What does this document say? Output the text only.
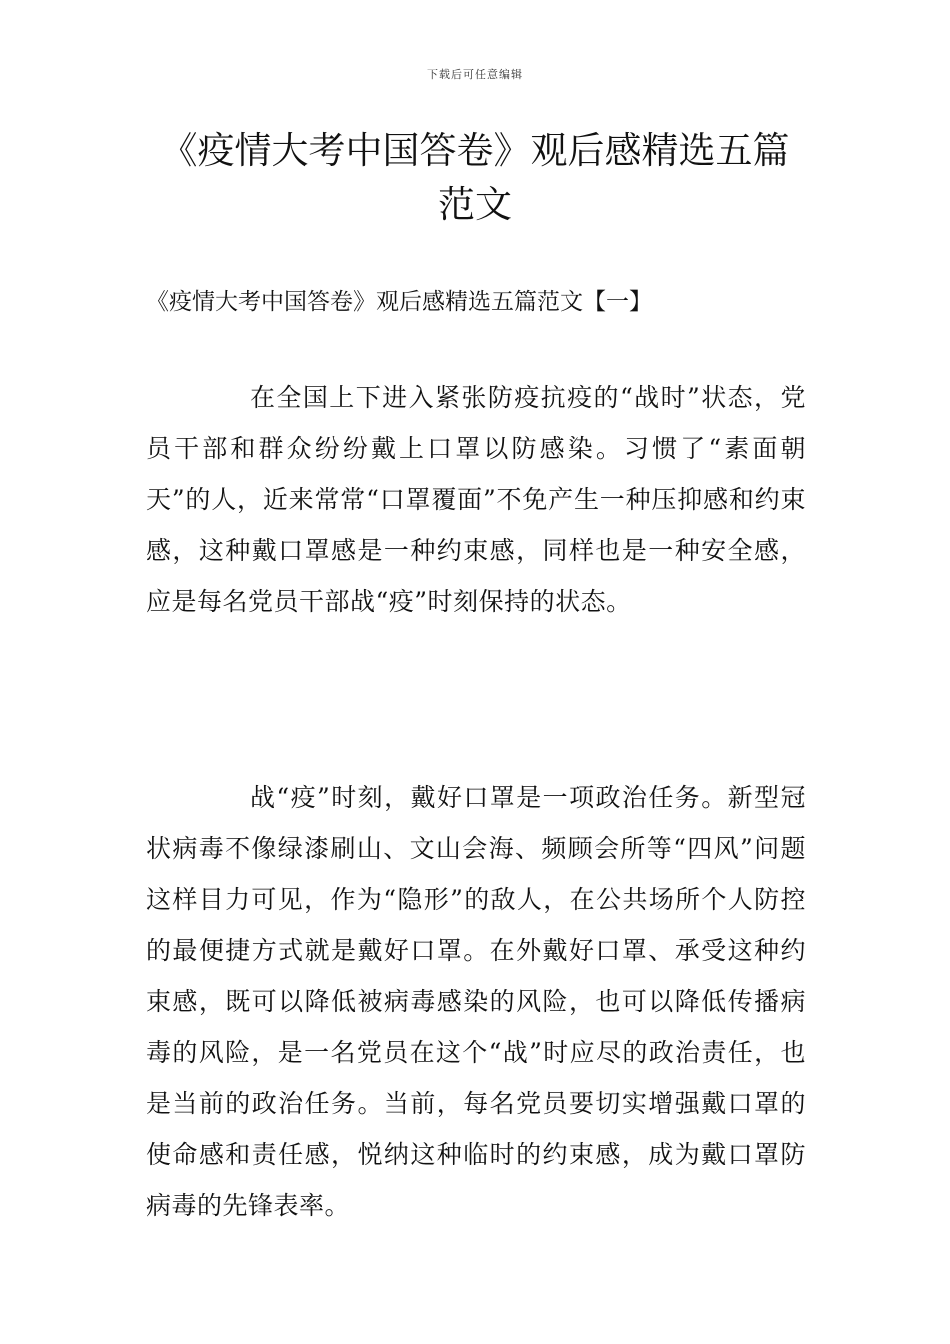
下载后可任意编辑
《疫情大考中国答卷》观后感精选五篇范文
《疫情大考中国答卷》观后感精选五篇范文【一】

在全国上下进入紧张防疫抗疫的“战时”状态，党员干部和群众纷纷戴上口罩以防感染。习惯了“素面朝天”的人，近来常常“口罩覆面”不免产生一种压抑感和约束感，这种戴口罩感是一种约束感，同样也是一种安全感，应是每名党员干部战“疫”时刻保持的状态。

战“疫”时刻，戴好口罩是一项政治任务。新型冠状病毒不像绿漆刷山、文山会海、频顾会所等“四风”问题这样目力可见，作为“隐形”的敌人，在公共场所个人防控的最便捷方式就是戴好口罩。在外戴好口罩、承受这种约束感，既可以降低被病毒感染的风险，也可以降低传播病毒的风险，是一名党员在这个“战”时应尽的政治责任，也是当前的政治任务。当前，每名党员要切实增强戴口罩的使命感和责任感，悦纳这种临时的约束感，成为戴口罩防病毒的先锋表率。
